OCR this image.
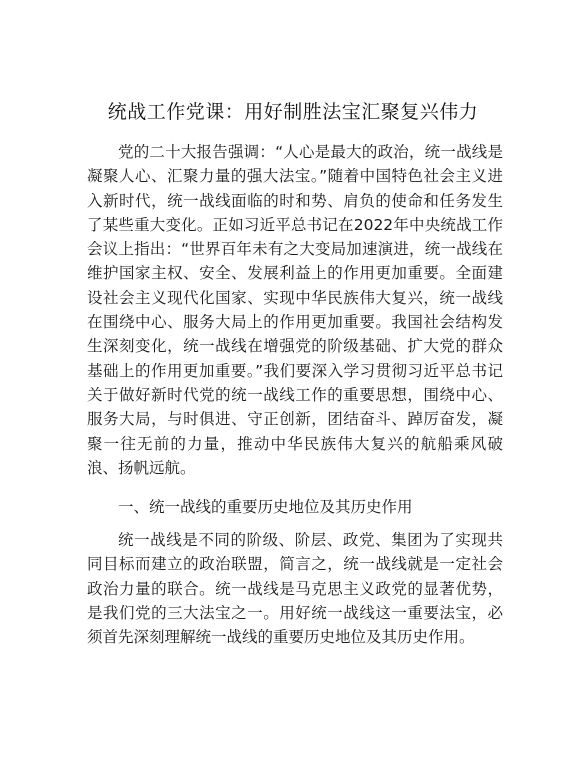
统战工作党课：用好制胜法宝汇聚复兴伟力

党的二十大报告强调：“人心是最大的政治，统一战线是凝聚人心、汇聚力量的强大法宝。”随着中国特色社会主义进入新时代，统一战线面临的时和势、肩负的使命和任务发生了某些重大变化。正如习近平总书记在2022年中央统战工作会议上指出：“世界百年未有之大变局加速演进，统一战线在维护国家主权、安全、发展利益上的作用更加重要。全面建设社会主义现代化国家、实现中华民族伟大复兴，统一战线在围绕中心、服务大局上的作用更加重要。我国社会结构发生深刻变化，统一战线在增强党的阶级基础、扩大党的群众基础上的作用更加重要。”我们要深入学习贯彻习近平总书记关于做好新时代党的统一战线工作的重要思想，围绕中心、服务大局，与时俱进、守正创新，团结奋斗、踔厉奋发，凝聚一往无前的力量，推动中华民族伟大复兴的航船乘风破浪、扬帆远航。

一、统一战线的重要历史地位及其历史作用

统一战线是不同的阶级、阶层、政党、集团为了实现共同目标而建立的政治联盟，简言之，统一战线就是一定社会政治力量的联合。统一战线是马克思主义政党的显著优势，是我们党的三大法宝之一。用好统一战线这一重要法宝，必须首先深刻理解统一战线的重要历史地位及其历史作用。
